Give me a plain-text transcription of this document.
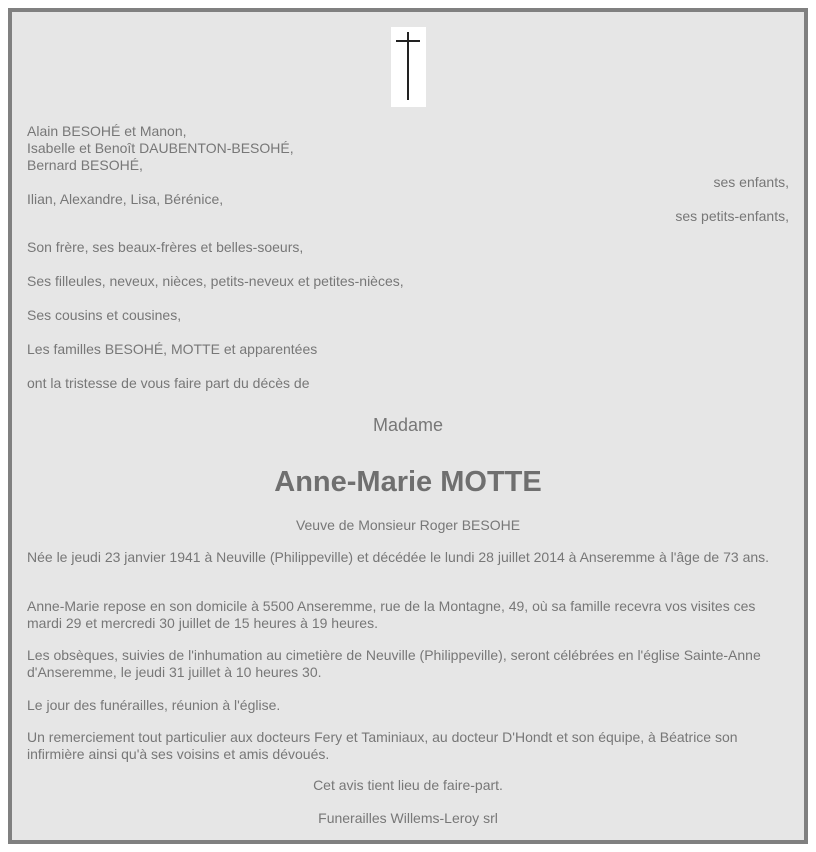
Alain BESOHÉ et Manon,
Isabelle et Benoît DAUBENTON-BESOHÉ,
Bernard BESOHÉ,
ses enfants,
Ilian, Alexandre, Lisa, Bérénice,
ses petits-enfants,
Son frère, ses beaux-frères et belles-soeurs,
Ses filleules, neveux, nièces, petits-neveux et petites-nièces,
Ses cousins et cousines,
Les familles BESOHÉ, MOTTE et apparentées
ont la tristesse de vous faire part du décès de
Madame
Anne-Marie MOTTE
Veuve de Monsieur Roger BESOHE
Née le jeudi 23 janvier 1941 à Neuville (Philippeville) et décédée le lundi 28 juillet 2014 à Anseremme à l'âge de 73 ans.
Anne-Marie repose en son domicile à 5500 Anseremme, rue de la Montagne, 49, où sa famille recevra vos visites ces mardi 29 et mercredi 30 juillet de 15 heures à 19 heures.
Les obsèques, suivies de l'inhumation au cimetière de Neuville (Philippeville), seront célébrées en l'église Sainte-Anne d'Anseremme, le jeudi 31 juillet à 10 heures 30.
Le jour des funérailles, réunion à l'église.
Un remerciement tout particulier aux docteurs Fery et Taminiaux, au docteur D'Hondt et son équipe, à Béatrice son infirmière ainsi qu'à ses voisins et amis dévoués.
Cet avis tient lieu de faire-part.
Funerailles Willems-Leroy srl
